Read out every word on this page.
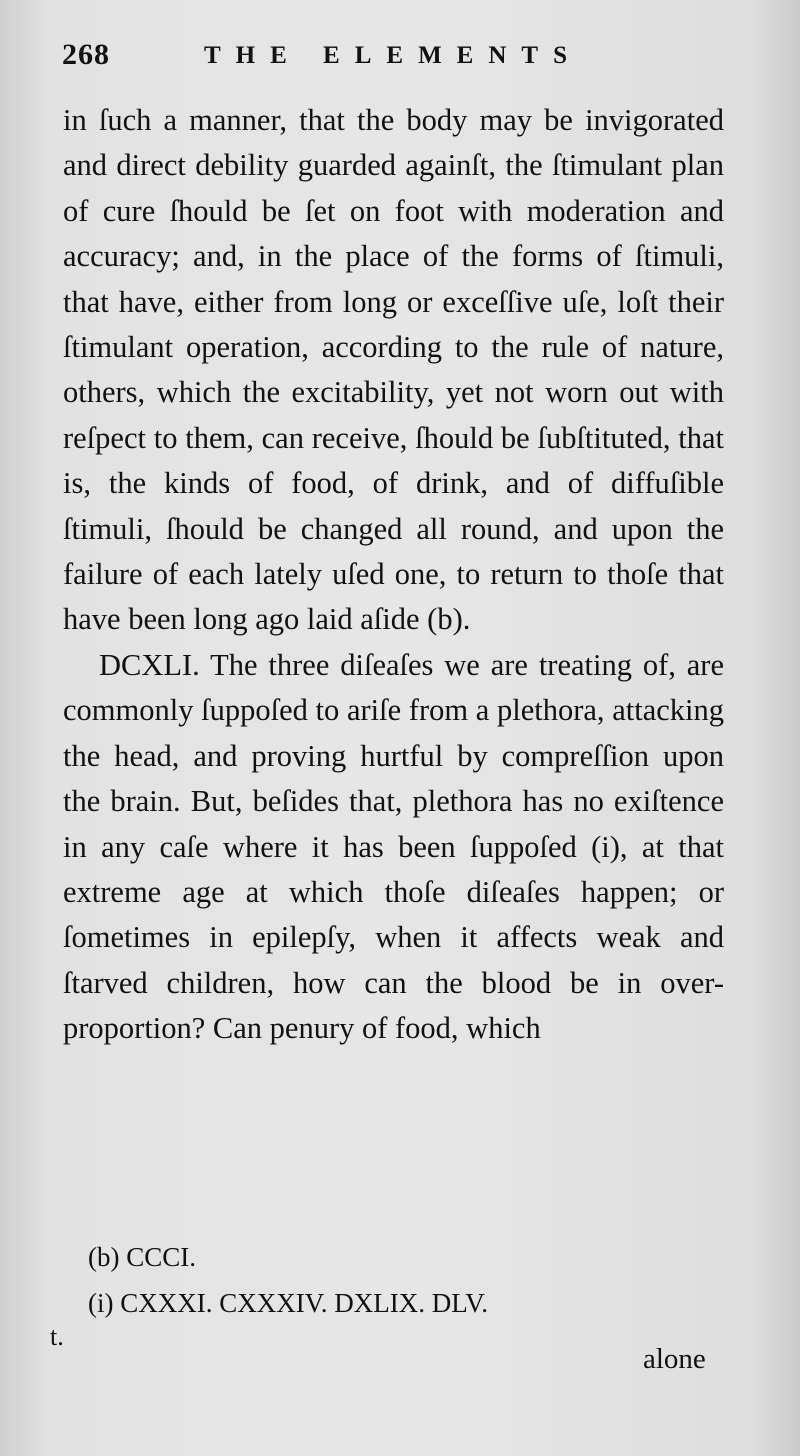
268	THE ELEMENTS

in ſuch a manner, that the body may be invigorated and direct debility guarded againſt, the ſtimulant plan of cure ſhould be ſet on foot with moderation and accuracy; and, in the place of the forms of ſtimuli, that have, either from long or exceſſive uſe, loſt their ſtimulant operation, according to the rule of nature, others, which the excitability, yet not worn out with reſpect to them, can receive, ſhould be ſubſtituted, that is, the kinds of food, of drink, and of diffuſible ſtimuli, ſhould be changed all round, and upon the failure of each lately uſed one, to return to thoſe that have been long ago laid aſide (b).

DCXLI. The three diſeaſes we are treating of, are commonly ſuppoſed to ariſe from a plethora, attacking the head, and proving hurtful by compreſſion upon the brain. But, beſides that, plethora has no exiſtence in any caſe where it has been ſuppoſed (i), at that extreme age at which thoſe diſeaſes happen; or ſometimes in epilepſy, when it affects weak and ſtarved children, how can the blood be in over-proportion? Can penury of food, which

(b) CCCI.

(i) CXXXI. CXXXIV. DXLIX. DLV.

t.
alone
